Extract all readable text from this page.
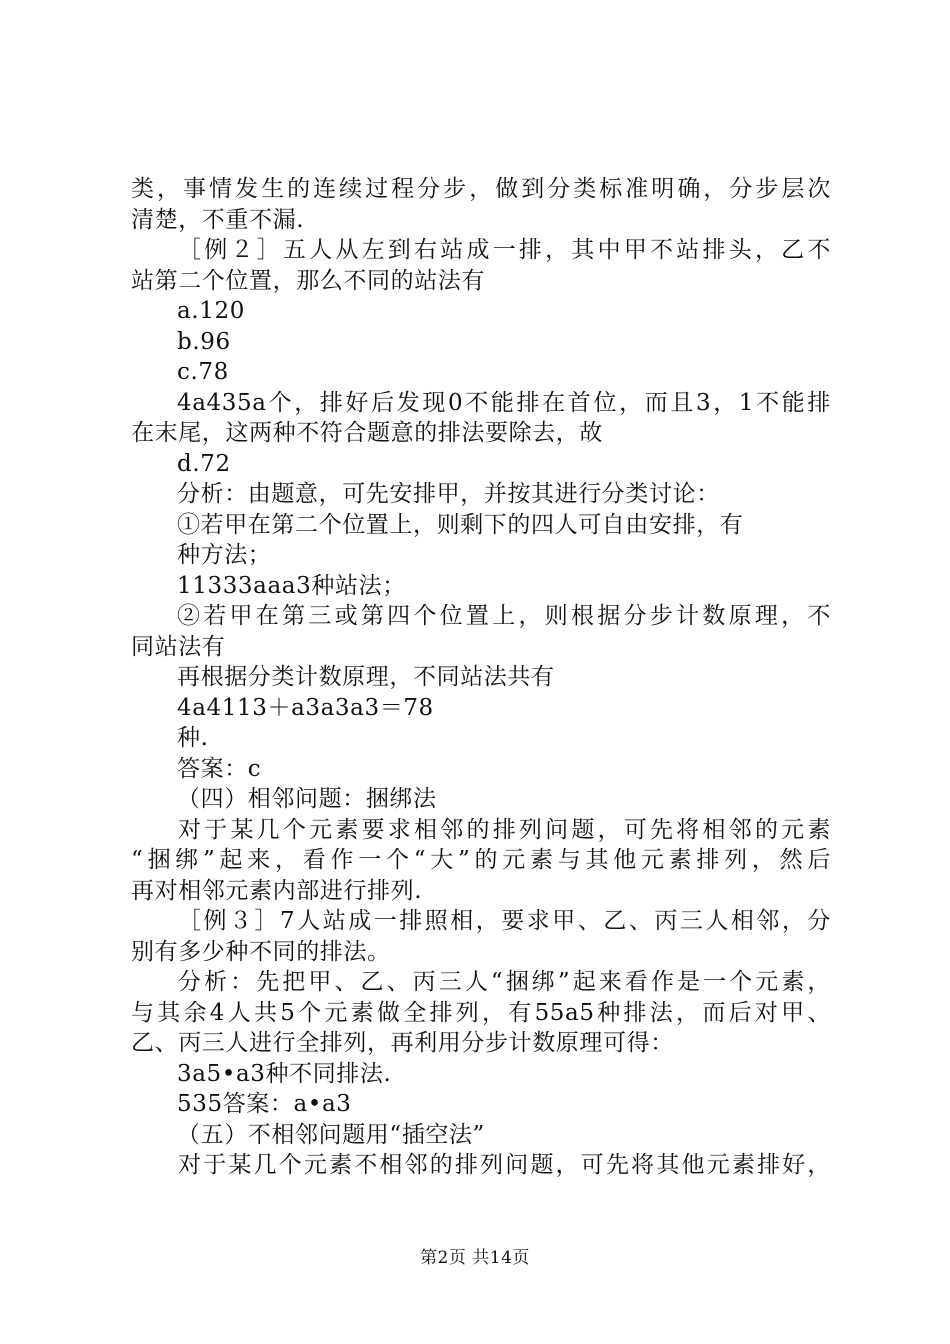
类，事情发生的连续过程分步，做到分类标准明确，分步层次
清楚，不重不漏.
［例２］五人从左到右站成一排，其中甲不站排头，乙不
站第二个位置，那么不同的站法有
a.120
b.96
c.78
4a435a个，排好后发现0不能排在首位，而且3，1不能排
在末尾，这两种不符合题意的排法要除去，故
d.72
分析：由题意，可先安排甲，并按其进行分类讨论：
①若甲在第二个位置上，则剩下的四人可自由安排，有
种方法；
11333aaa3种站法；
②若甲在第三或第四个位置上，则根据分步计数原理，不
同站法有
再根据分类计数原理，不同站法共有
4a4113＋a3a3a3＝78
种.
答案：c
（四）相邻问题：捆绑法
对于某几个元素要求相邻的排列问题，可先将相邻的元素
“捆绑”起来，看作一个“大”的元素与其他元素排列，然后
再对相邻元素内部进行排列.
［例３］7人站成一排照相，要求甲、乙、丙三人相邻，分
别有多少种不同的排法。
分析：先把甲、乙、丙三人“捆绑”起来看作是一个元素，
与其余4人共5个元素做全排列，有55a5种排法，而后对甲、
乙、丙三人进行全排列，再利用分步计数原理可得：
3a5•a3种不同排法.
535答案：a•a3
（五）不相邻问题用“插空法”
对于某几个元素不相邻的排列问题，可先将其他元素排好，
第2页 共14页
